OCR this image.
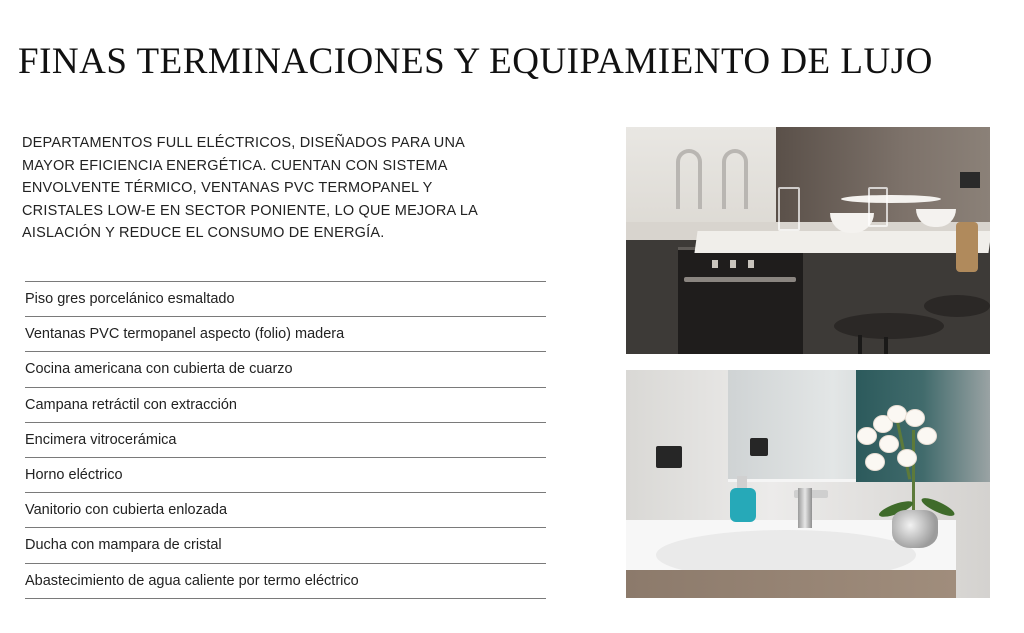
FINAS TERMINACIONES Y EQUIPAMIENTO DE LUJO
DEPARTAMENTOS FULL ELÉCTRICOS, DISEÑADOS PARA UNA
MAYOR EFICIENCIA ENERGÉTICA. CUENTAN CON SISTEMA
ENVOLVENTE TÉRMICO, VENTANAS PVC TERMOPANEL Y
CRISTALES LOW-E EN SECTOR PONIENTE, LO QUE MEJORA LA
AISLACIÓN Y REDUCE EL CONSUMO DE ENERGÍA.
Piso gres porcelánico esmaltado
Ventanas PVC termopanel aspecto (folio) madera
Cocina americana con cubierta de cuarzo
Campana retráctil con extracción
Encimera vitrocerámica
Horno eléctrico
Vanitorio con cubierta enlozada
Ducha con mampara de cristal
Abastecimiento de agua caliente por termo eléctrico
